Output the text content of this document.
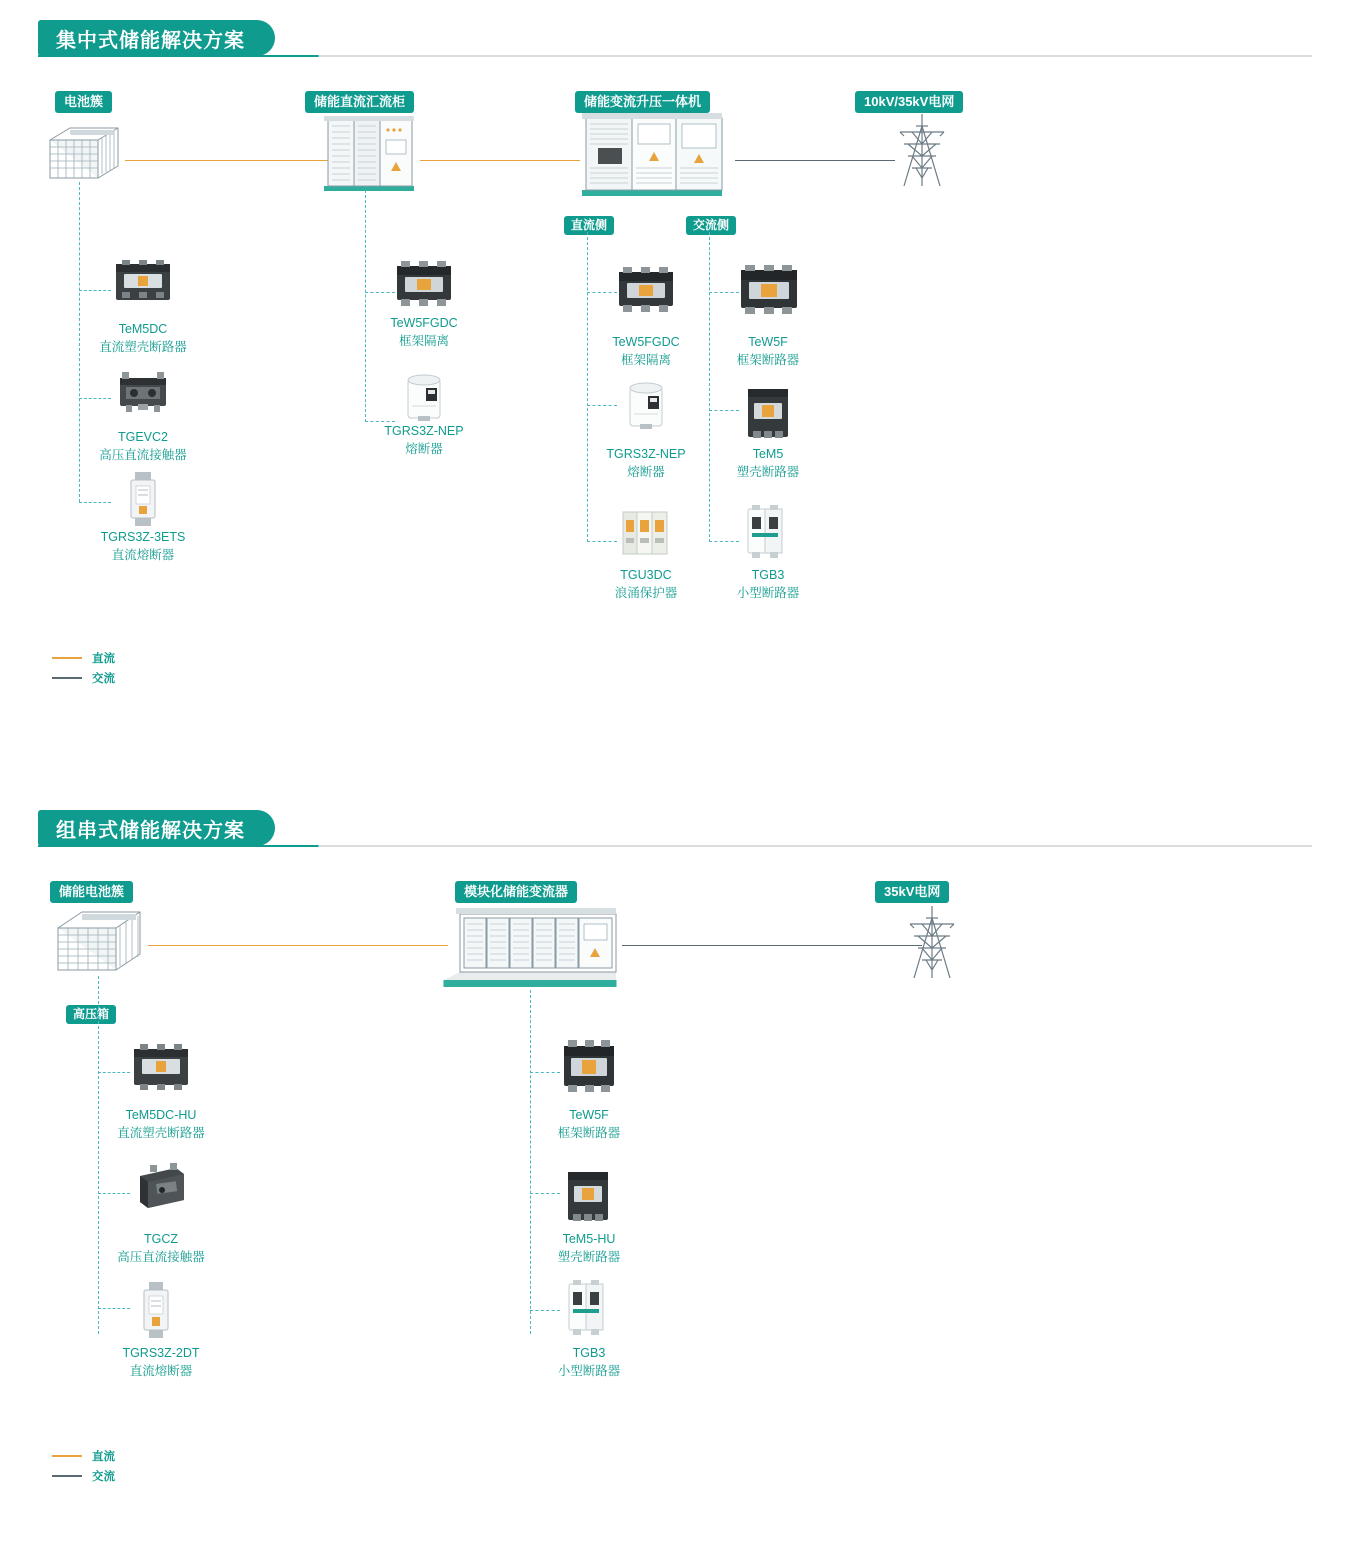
集中式储能解决方案
电池簇	储能直流汇流柜	储能变流升压一体机	10kV/35kV电网
直流侧	交流侧
TeM5DC
直流塑壳断路器
TGEVC2
高压直流接触器
TGRS3Z-3ETS
直流熔断器
TeW5FGDC
框架隔离
TGRS3Z-NEP
熔断器
TeW5FGDC
框架隔离
TGRS3Z-NEP
熔断器
TGU3DC
浪涌保护器
TeW5F
框架断路器
TeM5
塑壳断路器
TGB3
小型断路器
直流
交流
组串式储能解决方案
储能电池簇	模块化储能变流器	35kV电网
高压箱
TeM5DC-HU
直流塑壳断路器
TGCZ
高压直流接触器
TGRS3Z-2DT
直流熔断器
TeW5F
框架断路器
TeM5-HU
塑壳断路器
TGB3
小型断路器
直流
交流
